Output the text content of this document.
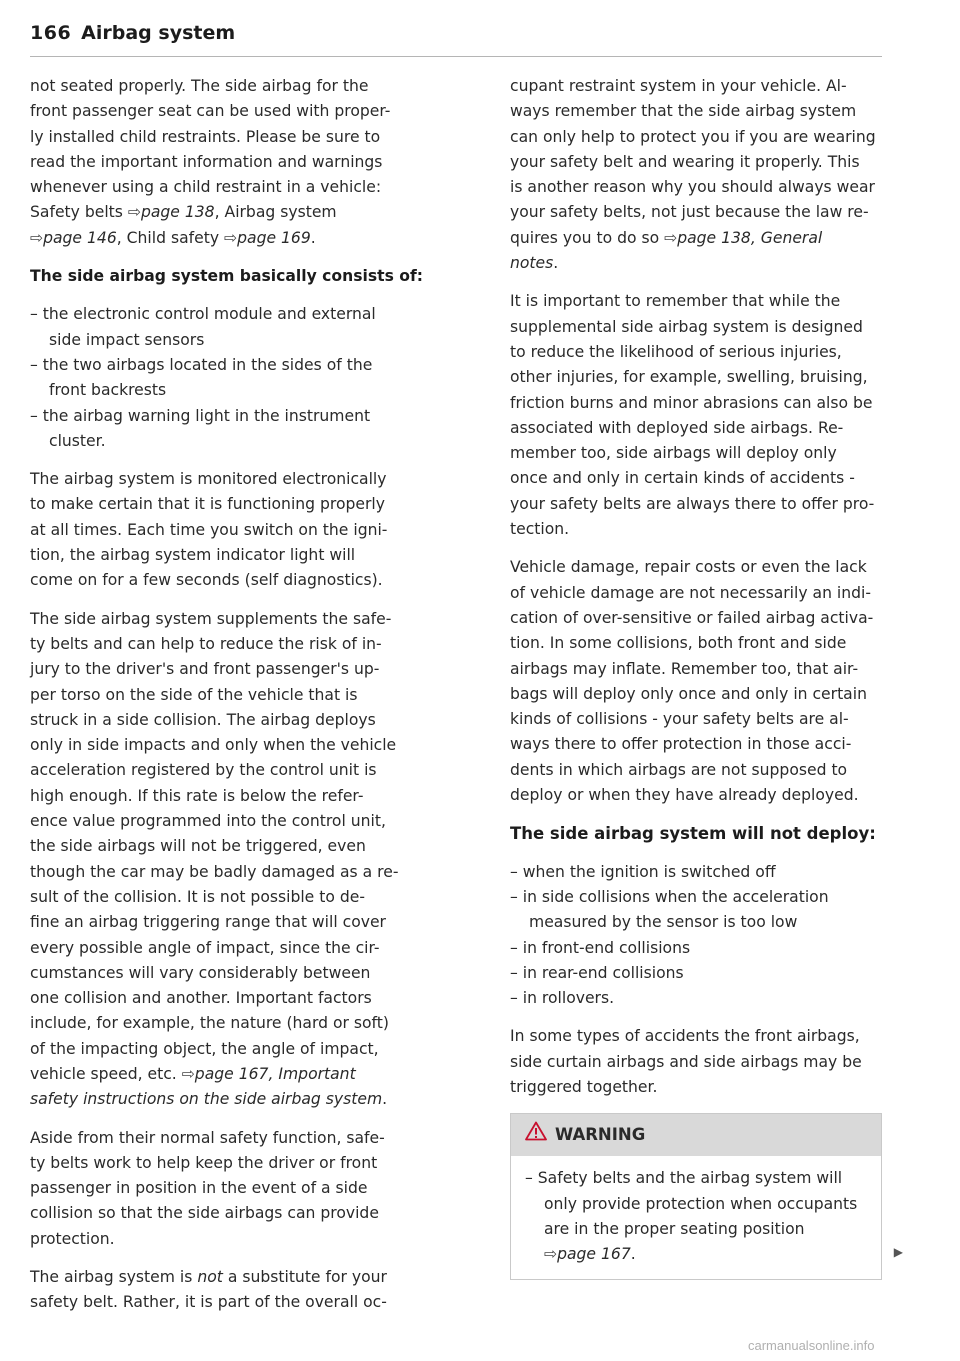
166 Airbag system

not seated properly. The side airbag for the
front passenger seat can be used with proper-
ly installed child restraints. Please be sure to
read the important information and warnings
whenever using a child restraint in a vehicle:
Safety belts ⇨page 138, Airbag system
⇨page 146, Child safety ⇨page 169.

The side airbag system basically consists of:
– the electronic control module and external
side impact sensors
– the two airbags located in the sides of the
front backrests
– the airbag warning light in the instrument
cluster.

The airbag system is monitored electronically
to make certain that it is functioning properly
at all times. Each time you switch on the igni-
tion, the airbag system indicator light will
come on for a few seconds (self diagnostics).

The side airbag system supplements the safe-
ty belts and can help to reduce the risk of in-
jury to the driver's and front passenger's up-
per torso on the side of the vehicle that is
struck in a side collision. The airbag deploys
only in side impacts and only when the vehicle
acceleration registered by the control unit is
high enough. If this rate is below the refer-
ence value programmed into the control unit,
the side airbags will not be triggered, even
though the car may be badly damaged as a re-
sult of the collision. It is not possible to de-
fine an airbag triggering range that will cover
every possible angle of impact, since the cir-
cumstances will vary considerably between
one collision and another. Important factors
include, for example, the nature (hard or soft)
of the impacting object, the angle of impact,
vehicle speed, etc. ⇨page 167, Important
safety instructions on the side airbag system.

Aside from their normal safety function, safe-
ty belts work to help keep the driver or front
passenger in position in the event of a side
collision so that the side airbags can provide
protection.

The airbag system is not a substitute for your
safety belt. Rather, it is part of the overall oc-

cupant restraint system in your vehicle. Al-
ways remember that the side airbag system
can only help to protect you if you are wearing
your safety belt and wearing it properly. This
is another reason why you should always wear
your safety belts, not just because the law re-
quires you to do so ⇨page 138, General
notes.

It is important to remember that while the
supplemental side airbag system is designed
to reduce the likelihood of serious injuries,
other injuries, for example, swelling, bruising,
friction burns and minor abrasions can also be
associated with deployed side airbags. Re-
member too, side airbags will deploy only
once and only in certain kinds of accidents -
your safety belts are always there to offer pro-
tection.

Vehicle damage, repair costs or even the lack
of vehicle damage are not necessarily an indi-
cation of over-sensitive or failed airbag activa-
tion. In some collisions, both front and side
airbags may inflate. Remember too, that air-
bags will deploy only once and only in certain
kinds of collisions - your safety belts are al-
ways there to offer protection in those acci-
dents in which airbags are not supposed to
deploy or when they have already deployed.

The side airbag system will not deploy:
– when the ignition is switched off
– in side collisions when the acceleration
measured by the sensor is too low
– in front-end collisions
– in rear-end collisions
– in rollovers.

In some types of accidents the front airbags,
side curtain airbags and side airbags may be
triggered together.

WARNING
– Safety belts and the airbag system will
only provide protection when occupants
are in the proper seating position
⇨page 167.	▶
carmanualsonline.info
